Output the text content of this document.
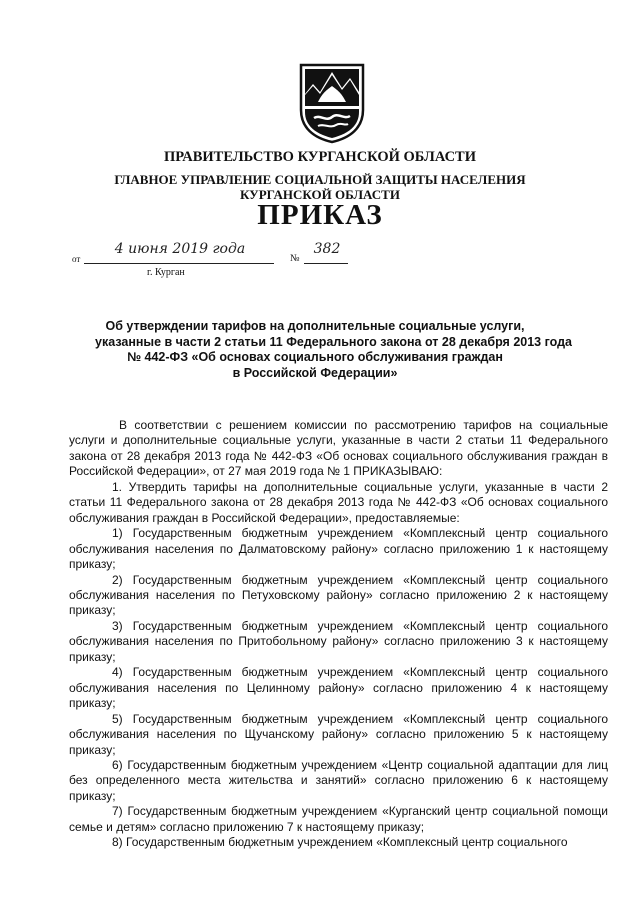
ПРАВИТЕЛЬСТВО КУРГАНСКОЙ ОБЛАСТИ
ГЛАВНОЕ УПРАВЛЕНИЕ СОЦИАЛЬНОЙ ЗАЩИТЫ НАСЕЛЕНИЯ
КУРГАНСКОЙ ОБЛАСТИ
ПРИКАЗ
от
4 июня 2019 года
№
382
г. Курган
Об утверждении тарифов на дополнительные социальные услуги,
указанные в части 2 статьи 11 Федерального закона от 28 декабря 2013 года
№ 442-ФЗ «Об основах социального обслуживания граждан
в Российской Федерации»

В соответствии с решением комиссии по рассмотрению тарифов на социальные услуги и дополнительные социальные услуги, указанные в части 2 статьи 11 Федерального закона от 28 декабря 2013 года № 442-ФЗ «Об основах социального обслуживания граждан в Российской Федерации», от 27 мая 2019 года № 1 ПРИКАЗЫВАЮ:

1. Утвердить тарифы на дополнительные социальные услуги, указанные в части 2 статьи 11 Федерального закона от 28 декабря 2013 года № 442-ФЗ «Об основах социального обслуживания граждан в Российской Федерации», предоставляемые:

1) Государственным бюджетным учреждением «Комплексный центр социального обслуживания населения по Далматовскому району» согласно приложению 1 к настоящему приказу;

2) Государственным бюджетным учреждением «Комплексный центр социального обслуживания населения по Петуховскому району» согласно приложению 2 к настоящему приказу;

3) Государственным бюджетным учреждением «Комплексный центр социального обслуживания населения по Притобольному району» согласно приложению 3 к настоящему приказу;

4) Государственным бюджетным учреждением «Комплексный центр социального обслуживания населения по Целинному району» согласно приложению 4 к настоящему приказу;

5) Государственным бюджетным учреждением «Комплексный центр социального обслуживания населения по Щучанскому району» согласно приложению 5 к настоящему приказу;

6) Государственным бюджетным учреждением «Центр социальной адаптации для лиц без определенного места жительства и занятий» согласно приложению 6 к настоящему приказу;

7) Государственным бюджетным учреждением «Курганский центр социальной помощи семье и детям» согласно приложению 7 к настоящему приказу;

8) Государственным бюджетным учреждением «Комплексный центр социального
